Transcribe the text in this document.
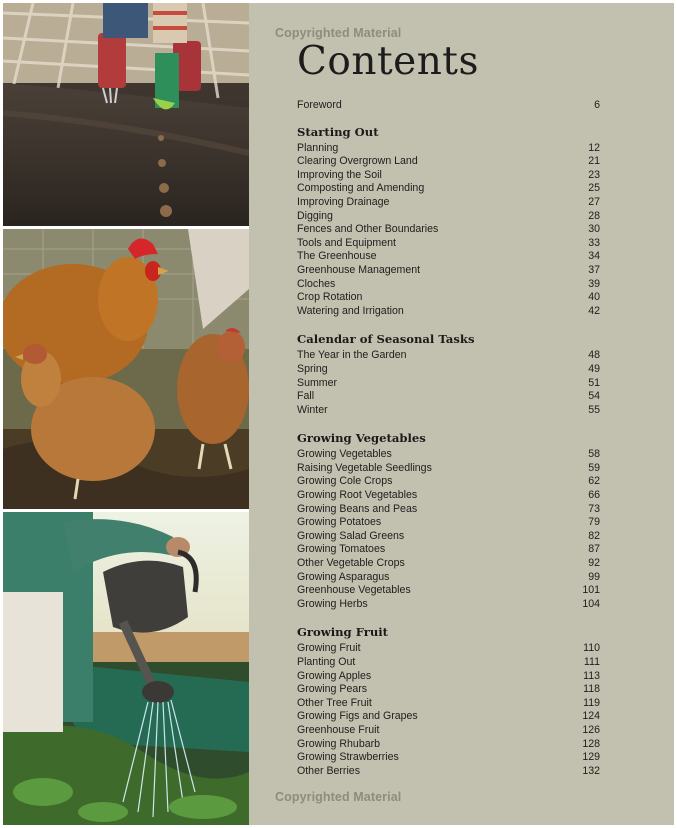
Copyrighted Material
Contents
Foreword	6
Starting Out
Planning	12
Clearing Overgrown Land	21
Improving the Soil	23
Composting and Amending	25
Improving Drainage	27
Digging	28
Fences and Other Boundaries	30
Tools and Equipment	33
The Greenhouse	34
Greenhouse Management	37
Cloches	39
Crop Rotation	40
Watering and Irrigation	42
Calendar of Seasonal Tasks
The Year in the Garden	48
Spring	49
Summer	51
Fall	54
Winter	55
Growing Vegetables
Growing Vegetables	58
Raising Vegetable Seedlings	59
Growing Cole Crops	62
Growing Root Vegetables	66
Growing Beans and Peas	73
Growing Potatoes	79
Growing Salad Greens	82
Growing Tomatoes	87
Other Vegetable Crops	92
Growing Asparagus	99
Greenhouse Vegetables	101
Growing Herbs	104
Growing Fruit
Growing Fruit	110
Planting Out	111
Growing Apples	113
Growing Pears	118
Other Tree Fruit	119
Growing Figs and Grapes	124
Greenhouse Fruit	126
Growing Rhubarb	128
Growing Strawberries	129
Other Berries	132
Copyrighted Material
